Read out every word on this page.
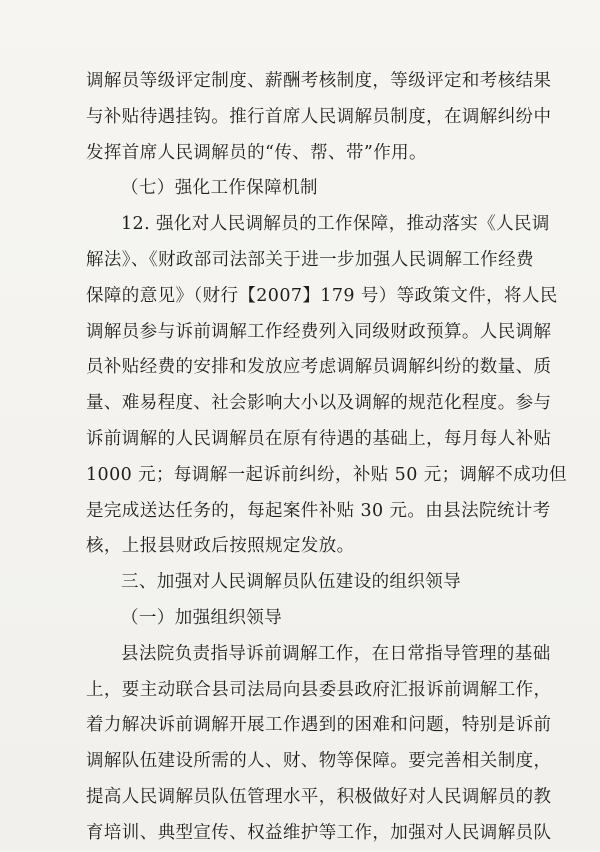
调解员等级评定制度、薪酬考核制度，等级评定和考核结果
与补贴待遇挂钩。推行首席人民调解员制度，在调解纠纷中
发挥首席人民调解员的“传、帮、带”作用。
（七）强化工作保障机制
12. 强化对人民调解员的工作保障，推动落实《人民调
解法》、《财政部司法部关于进一步加强人民调解工作经费
保障的意见》（财行【2007】179 号）等政策文件，将人民
调解员参与诉前调解工作经费列入同级财政预算。人民调解
员补贴经费的安排和发放应考虑调解员调解纠纷的数量、质
量、难易程度、社会影响大小以及调解的规范化程度。参与
诉前调解的人民调解员在原有待遇的基础上，每月每人补贴
1000 元；每调解一起诉前纠纷，补贴 50 元；调解不成功但
是完成送达任务的，每起案件补贴 30 元。由县法院统计考
核，上报县财政后按照规定发放。
三、加强对人民调解员队伍建设的组织领导
（一）加强组织领导
县法院负责指导诉前调解工作，在日常指导管理的基础
上，要主动联合县司法局向县委县政府汇报诉前调解工作，
着力解决诉前调解开展工作遇到的困难和问题，特别是诉前
调解队伍建设所需的人、财、物等保障。要完善相关制度，
提高人民调解员队伍管理水平，积极做好对人民调解员的教
育培训、典型宣传、权益维护等工作，加强对人民调解员队
